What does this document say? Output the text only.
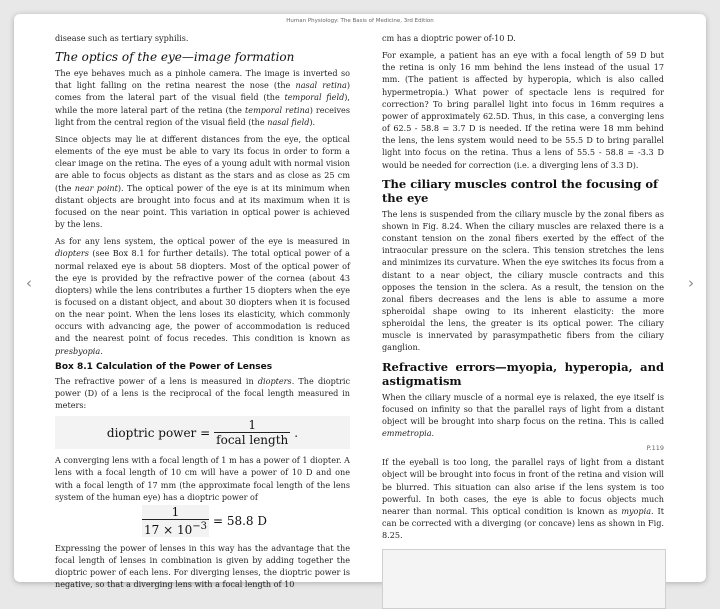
Human Physiology: The Basis of Medicine, 3rd Edition
‹	›

disease such as tertiary syphilis.

The optics of the eye—image formation

The eye behaves much as a pinhole camera. The image is inverted so that light falling on the retina nearest the nose (the nasal retina) comes from the lateral part of the visual field (the temporal field), while the more lateral part of the retina (the temporal retina) receives light from the central region of the visual field (the nasal field).

Since objects may lie at different distances from the eye, the optical elements of the eye must be able to vary its focus in order to form a clear image on the retina. The eyes of a young adult with normal vision are able to focus objects as distant as the stars and as close as 25 cm (the near point). The optical power of the eye is at its minimum when distant objects are brought into focus and at its maximum when it is focused on the near point. This variation in optical power is achieved by the lens.

As for any lens system, the optical power of the eye is measured in diopters (see Box 8.1 for further details). The total optical power of a normal relaxed eye is about 58 diopters. Most of the optical power of the eye is provided by the refractive power of the cornea (about 43 diopters) while the lens contributes a further 15 diopters when the eye is focused on a distant object, and about 30 diopters when it is focused on the near point. When the lens loses its elasticity, which commonly occurs with advancing age, the power of accommodation is reduced and the nearest point of focus recedes. This condition is known as presbyopia.

Box 8.1 Calculation of the Power of Lenses

The refractive power of a lens is measured in diopters. The dioptric power (D) of a lens is the reciprocal of the focal length measured in meters:

dioptric power = $\frac{1}{\text{focal length}}$ .

A converging lens with a focal length of 1 m has a power of 1 diopter. A lens with a focal length of 10 cm will have a power of 10 D and one with a focal length of 17 mm (the approximate focal length of the lens system of the human eye) has a dioptric power of

$\frac{1}{17 \times 10^{-3}} = 58.8$ D

Expressing the power of lenses in this way has the advantage that the focal length of lenses in combination is given by adding together the dioptric power of each lens. For diverging lenses, the dioptric power is negative, so that a diverging lens with a focal length of 10

cm has a dioptric power of-10 D.

For example, a patient has an eye with a focal length of 59 D but the retina is only 16 mm behind the lens instead of the usual 17 mm. (The patient is affected by hyperopia, which is also called hypermetropia.) What power of spectacle lens is required for correction? To bring parallel light into focus in 16mm requires a power of approximately 62.5D. Thus, in this case, a converging lens of 62.5 - 58.8 = 3.7 D is needed. If the retina were 18 mm behind the lens, the lens system would need to be 55.5 D to bring parallel light into focus on the retina. Thus a lens of 55.5 - 58.8 = -3.3 D would be needed for correction (i.e. a diverging lens of 3.3 D).

The ciliary muscles control the focusing of the eye

The lens is suspended from the ciliary muscle by the zonal fibers as shown in Fig. 8.24. When the ciliary muscles are relaxed there is a constant tension on the zonal fibers exerted by the effect of the intraocular pressure on the sclera. This tension stretches the lens and minimizes its curvature. When the eye switches its focus from a distant to a near object, the ciliary muscle contracts and this opposes the tension in the sclera. As a result, the tension on the zonal fibers decreases and the lens is able to assume a more spheroidal shape owing to its inherent elasticity: the more spheroidal the lens, the greater is its optical power. The ciliary muscle is innervated by parasympathetic fibers from the ciliary ganglion.

Refractive errors—myopia, hyperopia, and astigmatism

When the ciliary muscle of a normal eye is relaxed, the eye itself is focused on infinity so that the parallel rays of light from a distant object will be brought into sharp focus on the retina. This is called emmetropia.

P.119

If the eyeball is too long, the parallel rays of light from a distant object will be brought into focus in front of the retina and vision will be blurred. This situation can also arise if the lens system is too powerful. In both cases, the eye is able to focus objects much nearer than normal. This optical condition is known as myopia. It can be corrected with a diverging (or concave) lens as shown in Fig. 8.25.
